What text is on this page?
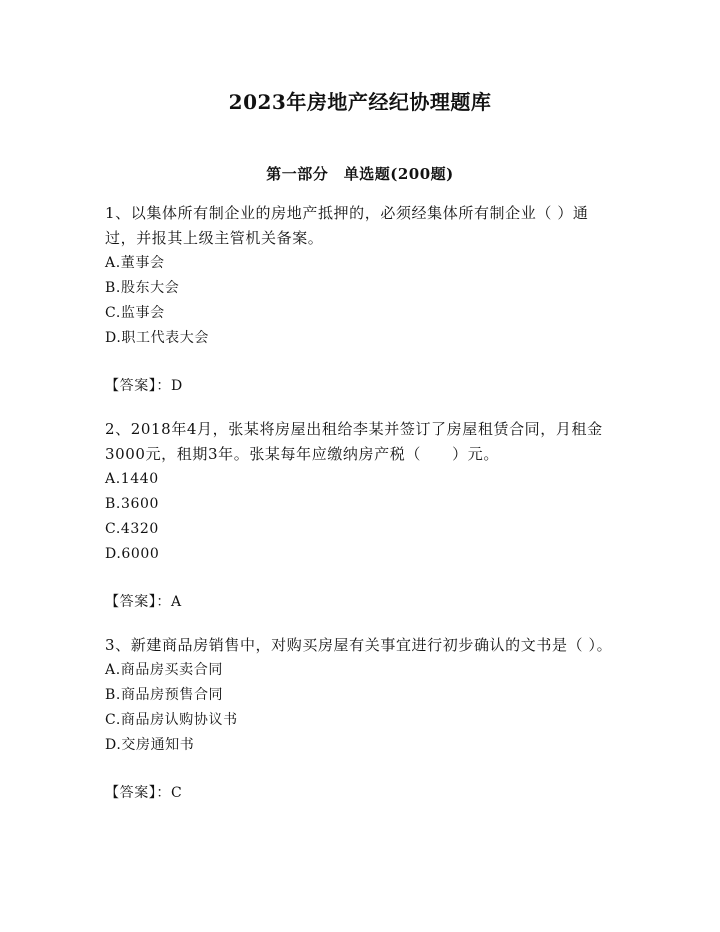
2023年房地产经纪协理题库
第一部分　单选题(200题)

1、以集体所有制企业的房地产抵押的，必须经集体所有制企业（ ）通过，并报其上级主管机关备案。

A.董事会

B.股东大会

C.监事会

D.职工代表大会

【答案】：D

2、2018年4月，张某将房屋出租给李某并签订了房屋租赁合同，月租金3000元，租期3年。张某每年应缴纳房产税（　　）元。

A.1440

B.3600

C.4320

D.6000

【答案】：A

3、新建商品房销售中，对购买房屋有关事宜进行初步确认的文书是（ ）。

A.商品房买卖合同

B.商品房预售合同

C.商品房认购协议书

D.交房通知书

【答案】：C
